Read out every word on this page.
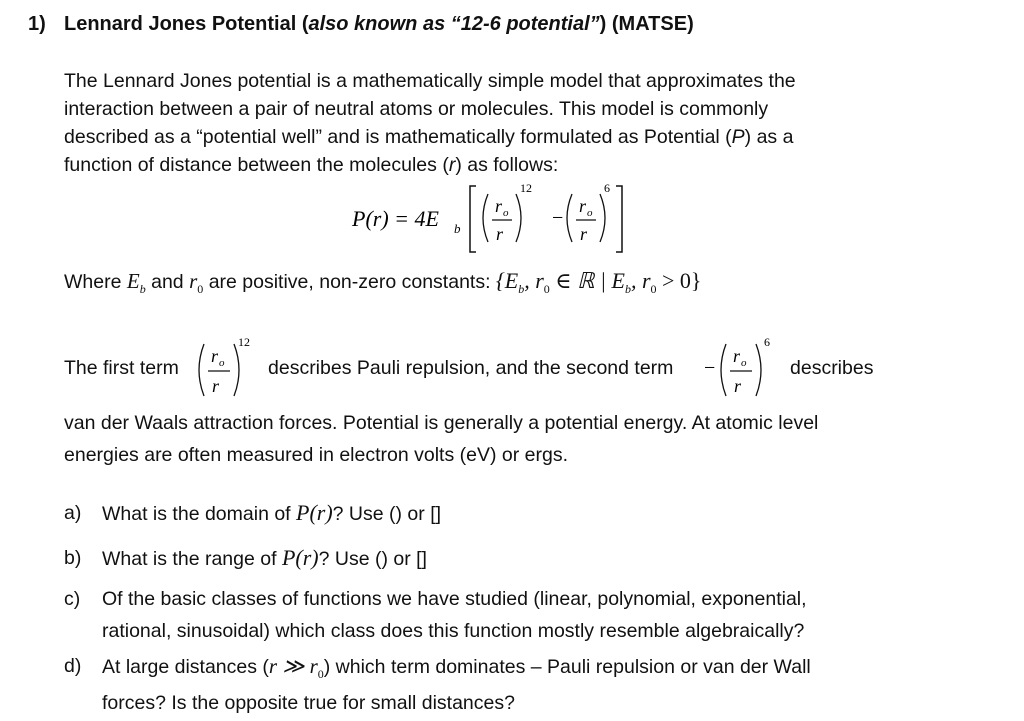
1) Lennard Jones Potential (also known as “12-6 potential”) (MATSE)
The Lennard Jones potential is a mathematically simple model that approximates the
interaction between a pair of neutral atoms or molecules. This model is commonly
described as a “potential well” and is mathematically formulated as Potential (P) as a
function of distance between the molecules (r) as follows:
P(r) = 4E b
r o
r
12
−
r o
r
6
Where $E_b$ and $r_0$ are positive, non-zero constants: {$E_b$, $r_0$ ∈ ℝ | $E_b$, $r_0 > 0$}
The first term
r o
r
12
describes Pauli repulsion, and the second term −
r o
r
6
describes
van der Waals attraction forces. Potential is generally a potential energy. At atomic level
energies are often measured in electron volts (eV) or ergs.
a) What is the domain of P(r)? Use () or []
b) What is the range of P(r)? Use () or []
c) Of the basic classes of functions we have studied (linear, polynomial, exponential,
rational, sinusoidal) which class does this function mostly resemble algebraically?
d) At large distances (r ≫ $r_0$) which term dominates – Pauli repulsion or van der Wall
forces? Is the opposite true for small distances?
